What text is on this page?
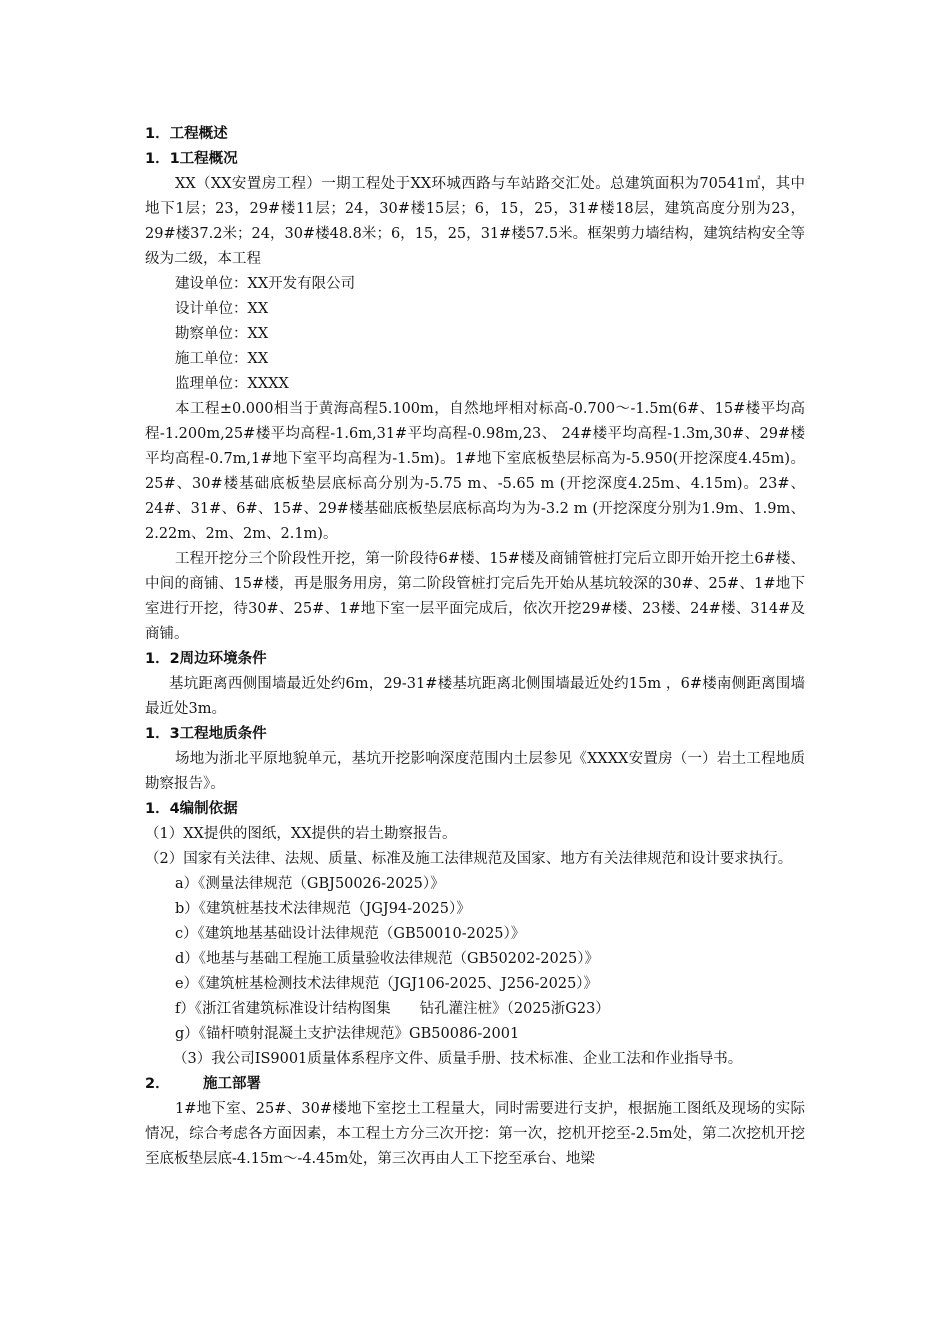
1．工程概述
1．1工程概况
XX（XX安置房工程）一期工程处于XX环城西路与车站路交汇处。总建筑面积为70541㎡，其中地下1层；23，29#楼11层；24，30#楼15层；6，15，25，31#楼18层，建筑高度分别为23，29#楼37.2米；24，30#楼48.8米；6，15，25，31#楼57.5米。框架剪力墙结构，建筑结构安全等级为二级，本工程
建设单位：XX开发有限公司
设计单位：XX
勘察单位：XX
施工单位：XX
监理单位：XXXX
本工程±0.000相当于黄海高程5.100m，自然地坪相对标高-0.700～-1.5m(6#、15#楼平均高程-1.200m,25#楼平均高程-1.6m,31#平均高程-0.98m,23、 24#楼平均高程-1.3m,30#、29#楼平均高程-0.7m,1#地下室平均高程为-1.5m)。1#地下室底板垫层标高为-5.950(开挖深度4.45m)。25#、30#楼基础底板垫层底标高分别为-5.75 m、-5.65 m (开挖深度4.25m、4.15m)。23#、24#、31#、6#、15#、29#楼基础底板垫层底标高均为为-3.2 m (开挖深度分别为1.9m、1.9m、2.22m、2m、2m、2.1m)。
工程开挖分三个阶段性开挖，第一阶段待6#楼、15#楼及商铺管桩打完后立即开始开挖土6#楼、中间的商铺、15#楼，再是服务用房，第二阶段管桩打完后先开始从基坑较深的30#、25#、1#地下室进行开挖，待30#、25#、1#地下室一层平面完成后，依次开挖29#楼、23楼、24#楼、314#及商铺。
1．2周边环境条件
基坑距离西侧围墙最近处约6m，29-31#楼基坑距离北侧围墙最近处约15m ，6#楼南侧距离围墙最近处3m。
1．3工程地质条件
场地为浙北平原地貌单元，基坑开挖影响深度范围内土层参见《XXXX安置房（一）岩土工程地质勘察报告》。
1．4编制依据
（1）XX提供的图纸，XX提供的岩土勘察报告。
（2）国家有关法律、法规、质量、标准及施工法律规范及国家、地方有关法律规范和设计要求执行。
a）《测量法律规范（GBJ50026-2025）》
b）《建筑桩基技术法律规范（JGJ94-2025）》
c）《建筑地基基础设计法律规范（GB50010-2025）》
d）《地基与基础工程施工质量验收法律规范（GB50202-2025）》
e）《建筑桩基检测技术法律规范（JGJ106-2025、J256-2025）》
f）《浙江省建筑标准设计结构图集　　钻孔灌注桩》（2025浙G23）
g）《锚杆喷射混凝土支护法律规范》GB50086-2001
（3）我公司IS9001质量体系程序文件、质量手册、技术标准、企业工法和作业指导书。
2． 施工部署
1#地下室、25#、30#楼地下室挖土工程量大，同时需要进行支护，根据施工图纸及现场的实际情况，综合考虑各方面因素，本工程土方分三次开挖：第一次，挖机开挖至-2.5m处，第二次挖机开挖至底板垫层底-4.15m～-4.45m处，第三次再由人工下挖至承台、地梁
